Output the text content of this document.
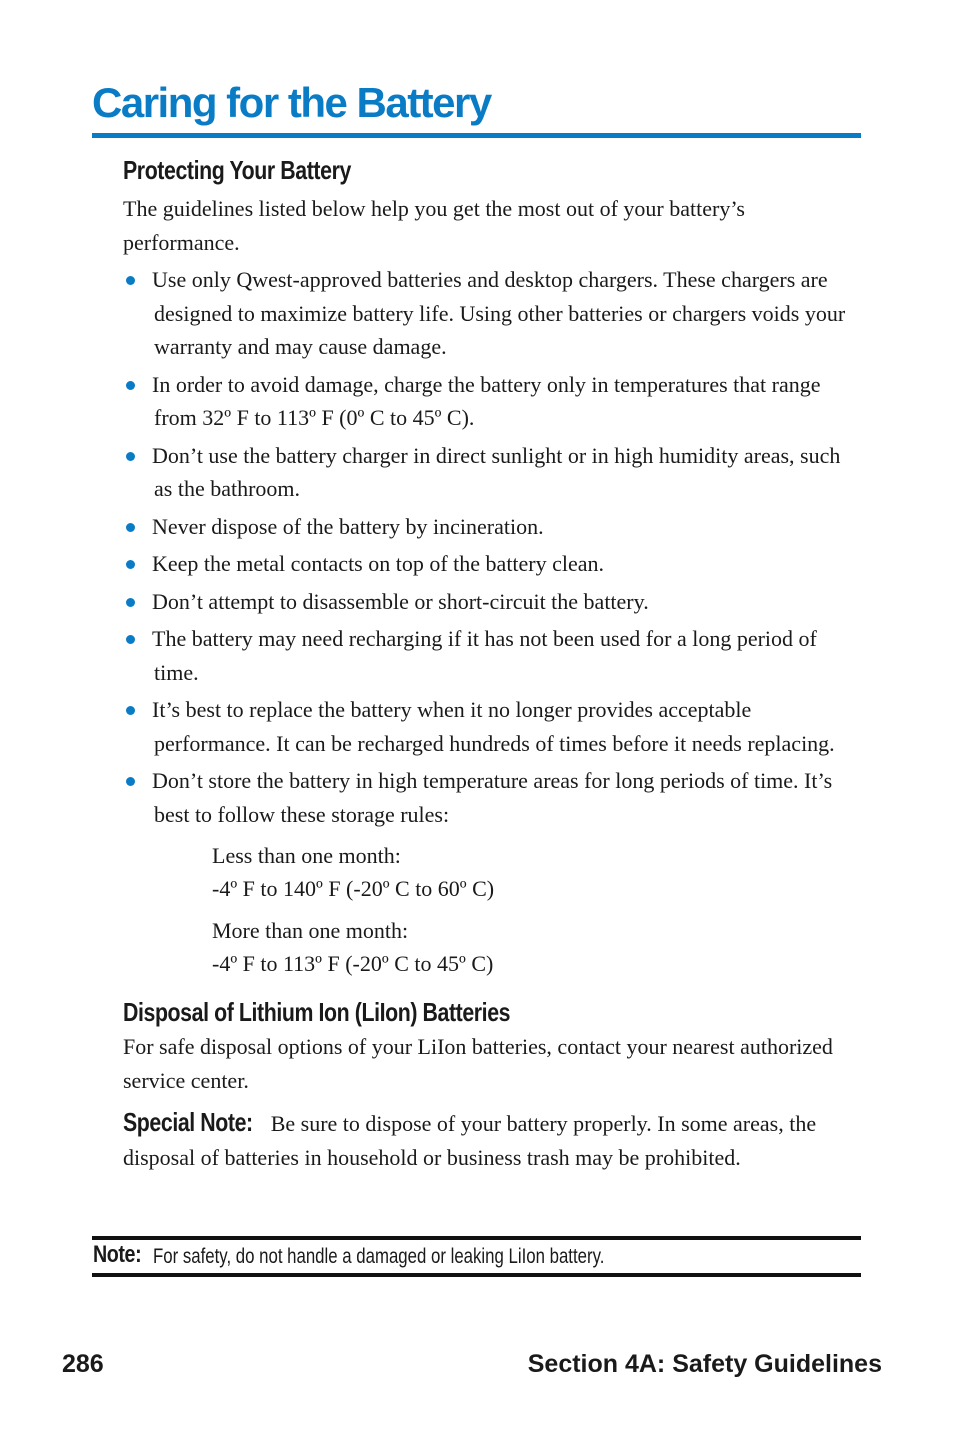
Caring for the Battery
Protecting Your Battery

The guidelines listed below help you get the most out of your battery’s performance.

Use only Qwest-approved batteries and desktop chargers. These chargers are designed to maximize battery life. Using other batteries or chargers voids your warranty and may cause damage.
In order to avoid damage, charge the battery only in temperatures that range from 32º F to 113º F (0º C to 45º C).
Don’t use the battery charger in direct sunlight or in high humidity areas, such as the bathroom.
Never dispose of the battery by incineration.
Keep the metal contacts on top of the battery clean.
Don’t attempt to disassemble or short-circuit the battery.
The battery may need recharging if it has not been used for a long period of time.
It’s best to replace the battery when it no longer provides acceptable performance. It can be recharged hundreds of times before it needs replacing.
Don’t store the battery in high temperature areas for long periods of time. It’s best to follow these storage rules:
Less than one month:
-4º F to 140º F (-20º C to 60º C)
More than one month:
-4º F to 113º F (-20º C to 45º C)
Disposal of Lithium Ion (LiIon) Batteries

For safe disposal options of your LiIon batteries, contact your nearest authorized service center.

Special Note: Be sure to dispose of your battery properly. In some areas, the disposal of batteries in household or business trash may be prohibited.

Note: For safety, do not handle a damaged or leaking LiIon battery.
286	Section 4A: Safety Guidelines
